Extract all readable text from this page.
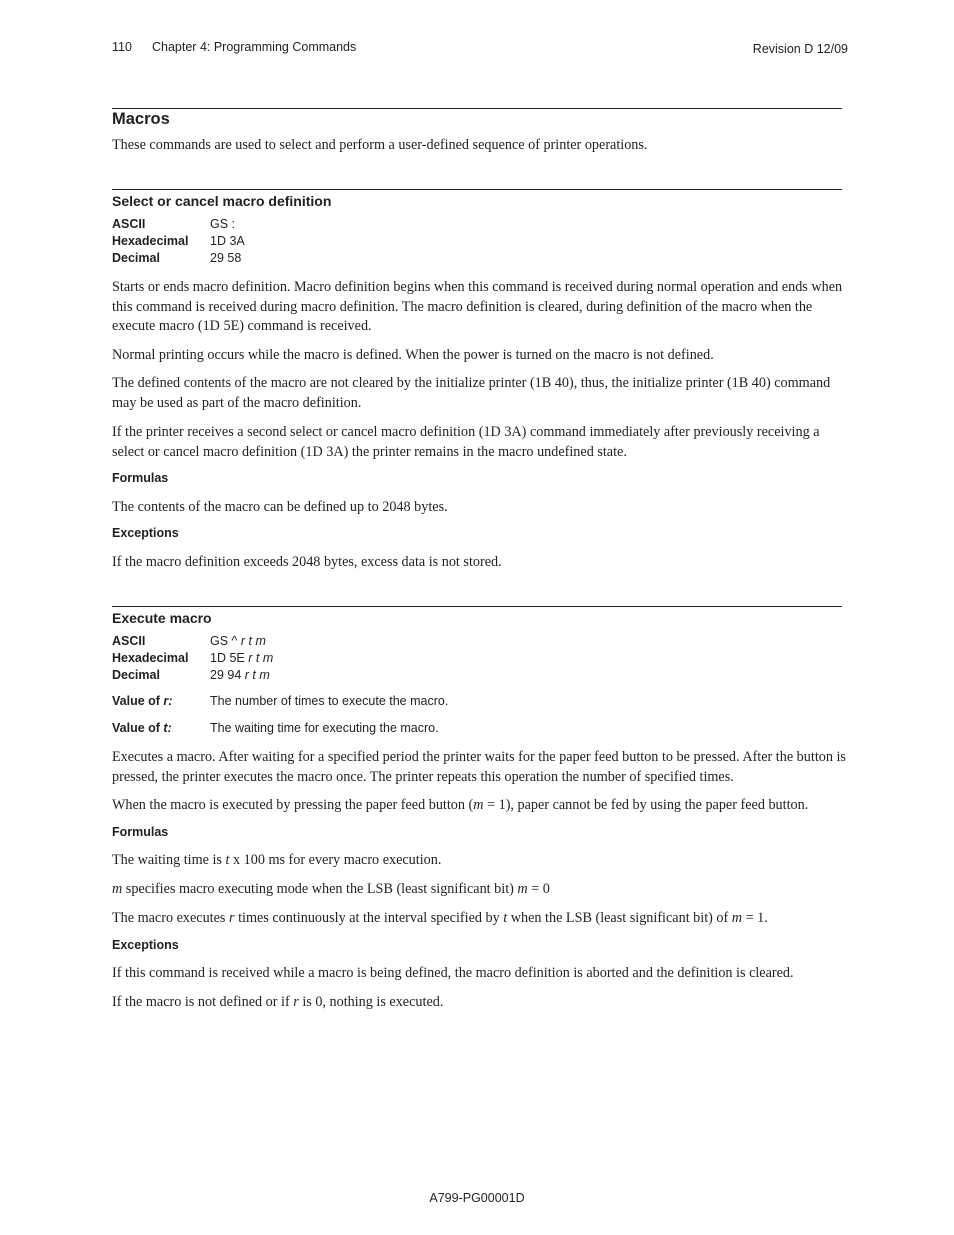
110 Chapter 4: Programming Commands	Revision D 12/09
Macros

These commands are used to select and perform a user-defined sequence of printer operations.

Select or cancel macro definition
ASCII	GS :
Hexadecimal 1D 3A
Decimal	29 58

Starts or ends macro definition. Macro definition begins when this command is received during normal operation and ends when this command is received during macro definition. The macro definition is cleared, during definition of the macro when the execute macro (1D 5E) command is received.

Normal printing occurs while the macro is defined. When the power is turned on the macro is not defined.

The defined contents of the macro are not cleared by the initialize printer (1B 40), thus, the initialize printer (1B 40) command may be used as part of the macro definition.

If the printer receives a second select or cancel macro definition (1D 3A) command immediately after previously receiving a select or cancel macro definition (1D 3A) the printer remains in the macro undefined state.

Formulas

The contents of the macro can be defined up to 2048 bytes.

Exceptions

If the macro definition exceeds 2048 bytes, excess data is not stored.

Execute macro
ASCII	GS ^ r t m
Hexadecimal 1D 5E r t m
Decimal	29 94 r t m
Value of r:	The number of times to execute the macro.
Value of t:	The waiting time for executing the macro.

Executes a macro. After waiting for a specified period the printer waits for the paper feed button to be pressed. After the button is pressed, the printer executes the macro once. The printer repeats this operation the number of specified times.

When the macro is executed by pressing the paper feed button (m = 1), paper cannot be fed by using the paper feed button.

Formulas

The waiting time is t x 100 ms for every macro execution.

m specifies macro executing mode when the LSB (least significant bit) m = 0

The macro executes r times continuously at the interval specified by t when the LSB (least significant bit) of m = 1.

Exceptions

If this command is received while a macro is being defined, the macro definition is aborted and the definition is cleared.

If the macro is not defined or if r is 0, nothing is executed.

A799-PG00001D
